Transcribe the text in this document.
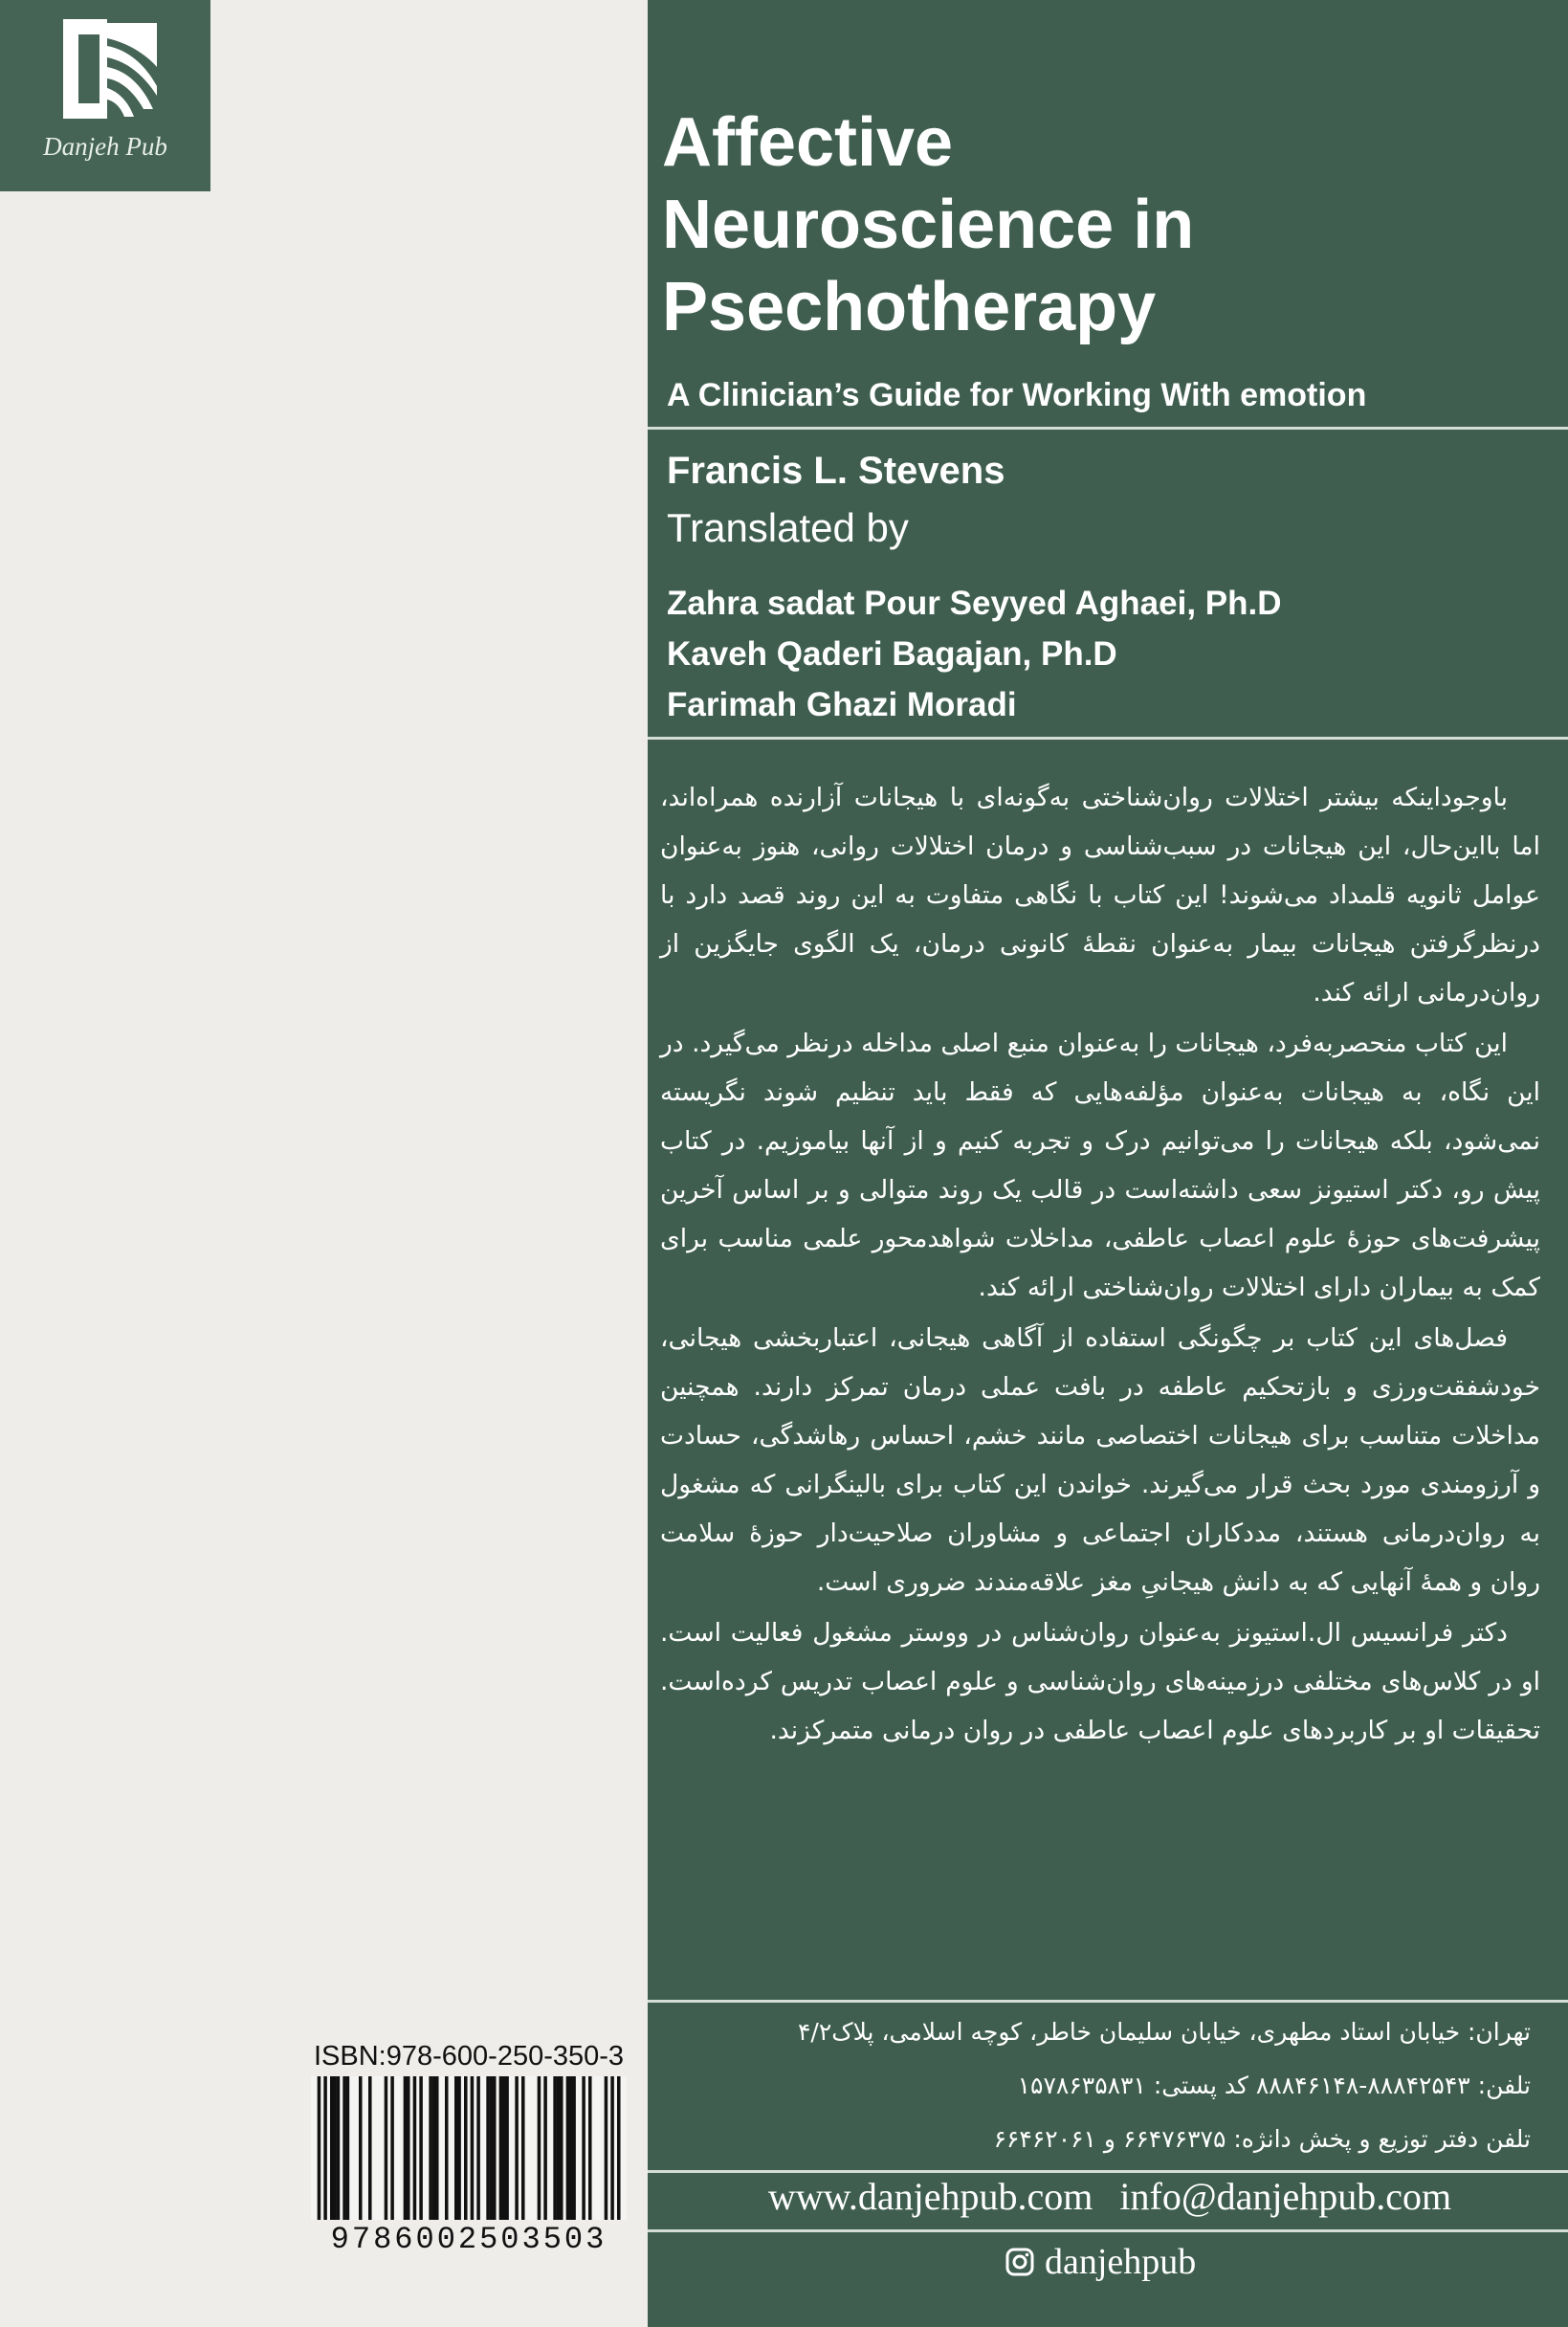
Danjeh Pub	Affective
Neuroscience in
Psechotherapy

A Clinician’s Guide for Working With emotion

Francis L. Stevens

Translated by

Zahra sadat Pour Seyyed Aghaei, Ph.D
Kaveh Qaderi Bagajan, Ph.D
Farimah Ghazi Moradi

باوجوداینکه بیشتر اختلالات روان‌شناختی به‌گونه‌ای با هیجانات آزارنده همراه‌اند، اما بااین‌حال، این هیجانات در سبب‌شناسی و درمان اختلالات روانی، هنوز به‌عنوان عوامل ثانویه قلمداد می‌شوند! این کتاب با نگاهی متفاوت به این روند قصد دارد با درنظرگرفتن هیجانات بیمار به‌عنوان نقطهٔ کانونی درمان، یک الگوی جایگزین از روان‌درمانی ارائه کند.

این کتاب منحصربه‌فرد، هیجانات را به‌عنوان منبع اصلی مداخله درنظر می‌گیرد. در این نگاه، به هیجانات به‌عنوان مؤلفه‌هایی که فقط باید تنظیم شوند نگریسته نمی‌شود، بلکه هیجانات را می‌توانیم درک و تجربه کنیم و از آنها بیاموزیم. در کتاب پیش رو، دکتر استیونز سعی داشته‌است در قالب یک روند متوالی و بر اساس آخرین پیشرفت‌های حوزهٔ علوم اعصاب عاطفی، مداخلات شواهدمحور علمی مناسب برای کمک به بیماران دارای اختلالات روان‌شناختی ارائه کند.

فصل‌های این کتاب بر چگونگی استفاده از آگاهی هیجانی، اعتباربخشی هیجانی، خودشفقت‌ورزی و بازتحکیم عاطفه در بافت عملی درمان تمرکز دارند. همچنین مداخلات متناسب برای هیجانات اختصاصی مانند خشم، احساس رهاشدگی، حسادت و آرزومندی مورد بحث قرار می‌گیرند. خواندن این کتاب برای بالینگرانی که مشغول به روان‌درمانی هستند، مددکاران اجتماعی و مشاوران صلاحیت‌دار حوزهٔ سلامت روان و همهٔ آنهایی که به دانش هیجانیِ مغز علاقه‌مندند ضروری است.

دکتر فرانسیس ال.استیونز به‌عنوان روان‌شناس در ووستر مشغول فعالیت است. او در کلاس‌های مختلفی درزمینه‌های روان‌شناسی و علوم اعصاب تدریس کرده‌است. تحقیقات او بر کاربردهای علوم اعصاب عاطفی در روان درمانی متمرکزند.

تهران: خیابان استاد مطهری، خیابان سلیمان خاطر، کوچه اسلامی، پلاک۴/۲
تلفن: ۸۸۸۴۲۵۴۳-۸۸۸۴۶۱۴۸ کد پستی: ۱۵۷۸۶۳۵۸۳۱
تلفن دفتر توزیع و پخش دانژه: ۶۶۴۷۶۳۷۵ و ۶۶۴۶۲۰۶۱
www.danjehpub.com info@danjehpub.com
danjehpub

ISBN:978-600-250-350-3

9786002503503
